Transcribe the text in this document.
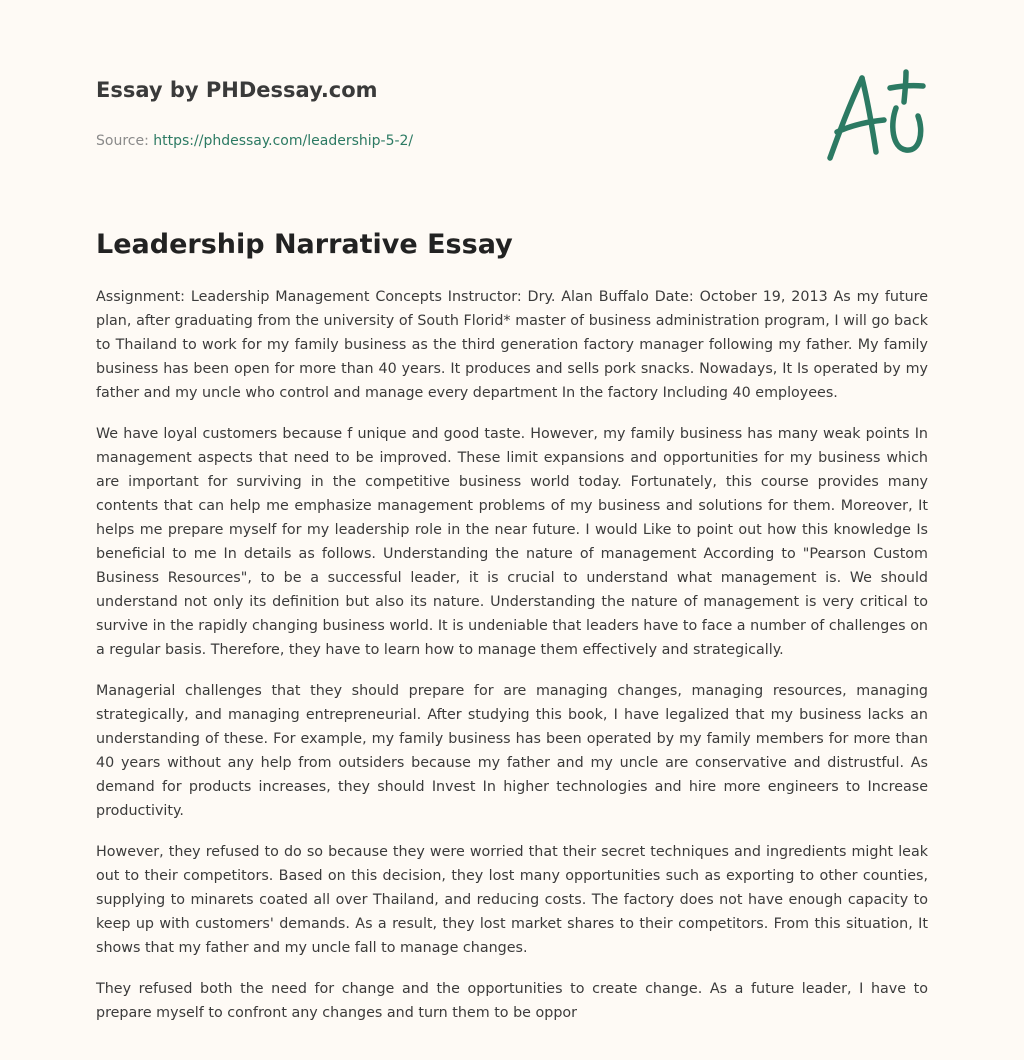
Essay by PHDessay.com
Source: https://phdessay.com/leadership-5-2/
Leadership Narrative Essay

Assignment: Leadership Management Concepts Instructor: Dry. Alan Buffalo Date: October 19, 2013 As my future plan, after graduating from the university of South Florid* master of business administration program, I will go back to Thailand to work for my family business as the third generation factory manager following my father. My family business has been open for more than 40 years. It produces and sells pork snacks. Nowadays, It Is operated by my father and my uncle who control and manage every department In the factory Including 40 employees.

We have loyal customers because f unique and good taste. However, my family business has many weak points In management aspects that need to be improved. These limit expansions and opportunities for my business which are important for surviving in the competitive business world today. Fortunately, this course provides many contents that can help me emphasize management problems of my business and solutions for them. Moreover, It helps me prepare myself for my leadership role in the near future. I would Like to point out how this knowledge Is beneficial to me In details as follows. Understanding the nature of management According to "Pearson Custom Business Resources", to be a successful leader, it is crucial to understand what management is. We should understand not only its definition but also its nature. Understanding the nature of management is very critical to survive in the rapidly changing business world. It is undeniable that leaders have to face a number of challenges on a regular basis. Therefore, they have to learn how to manage them effectively and strategically.

Managerial challenges that they should prepare for are managing changes, managing resources, managing strategically, and managing entrepreneurial. After studying this book, I have legalized that my business lacks an understanding of these. For example, my family business has been operated by my family members for more than 40 years without any help from outsiders because my father and my uncle are conservative and distrustful. As demand for products increases, they should Invest In higher technologies and hire more engineers to Increase productivity.

However, they refused to do so because they were worried that their secret techniques and ingredients might leak out to their competitors. Based on this decision, they lost many opportunities such as exporting to other counties, supplying to minarets coated all over Thailand, and reducing costs. The factory does not have enough capacity to keep up with customers' demands. As a result, they lost market shares to their competitors. From this situation, It shows that my father and my uncle fall to manage changes.

They refused both the need for change and the opportunities to create change. As a future leader, I have to prepare myself to confront any changes and turn them to be oppor
